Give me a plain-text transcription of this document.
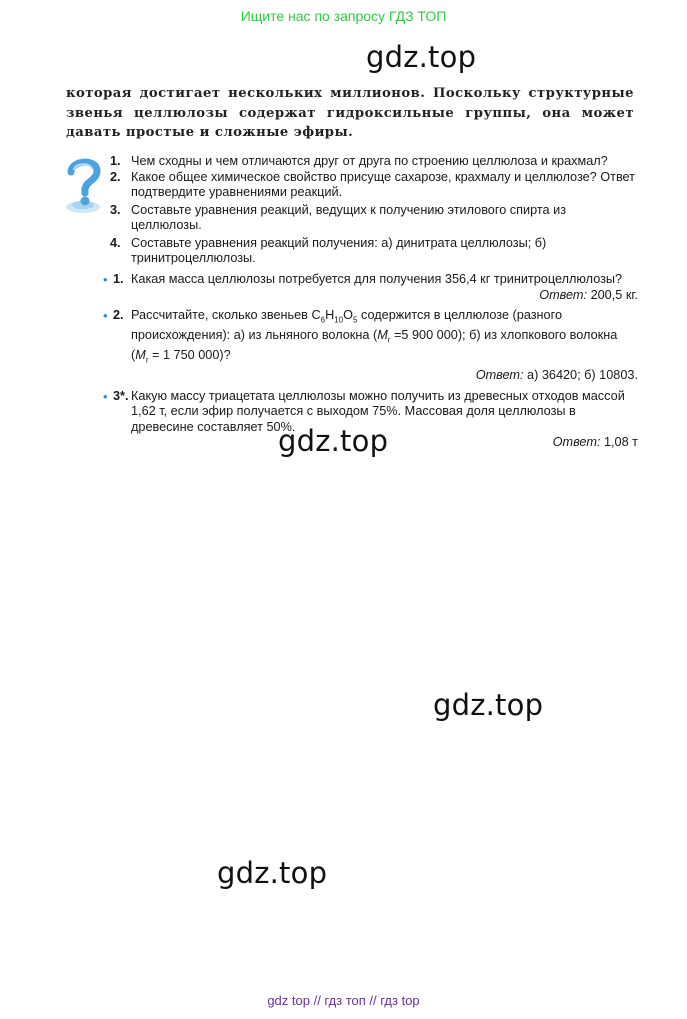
Ищите нас по запросу ГДЗ ТОП
gdz.top
gdz.top
gdz.top
gdz.top
которая достигает нескольких миллионов. Поскольку структурные звенья целлюлозы содержат гидроксильные группы, она может давать простые и сложные эфиры.
1. Чем сходны и чем отличаются друг от друга по строению целлюлоза и крахмал?
2. Какое общее химическое свойство присуще сахарозе, крахмалу и целлюлозе? Ответ подтвердите уравнениями реакций.
3. Составьте уравнения реакций, ведущих к получению этилового спирта из целлюлозы.
4. Составьте уравнения реакций получения: а) динитрата целлюлозы; б) тринитроцеллюлозы.
• 1. Какая масса целлюлозы потребуется для получения 356,4 кг тринитроцеллюлозы?
Ответ: 200,5 кг.
• 2. Рассчитайте, сколько звеньев $C_6H_{10}O_5$ содержится в целлюлозе (разного происхождения): а) из льняного волокна ($M_r =5$ 900 000); б) из хлопкового волокна ($M_r = 1$ 750 000)?
Ответ: а) 36420; б) 10803.
• 3*. Какую массу триацетата целлюлозы можно получить из древесных отходов массой 1,62 т, если эфир получается с выходом 75%. Массовая доля целлюлозы в древесине составляет 50%.
Ответ: 1,08 т
gdz top // гдз топ // гдз top
